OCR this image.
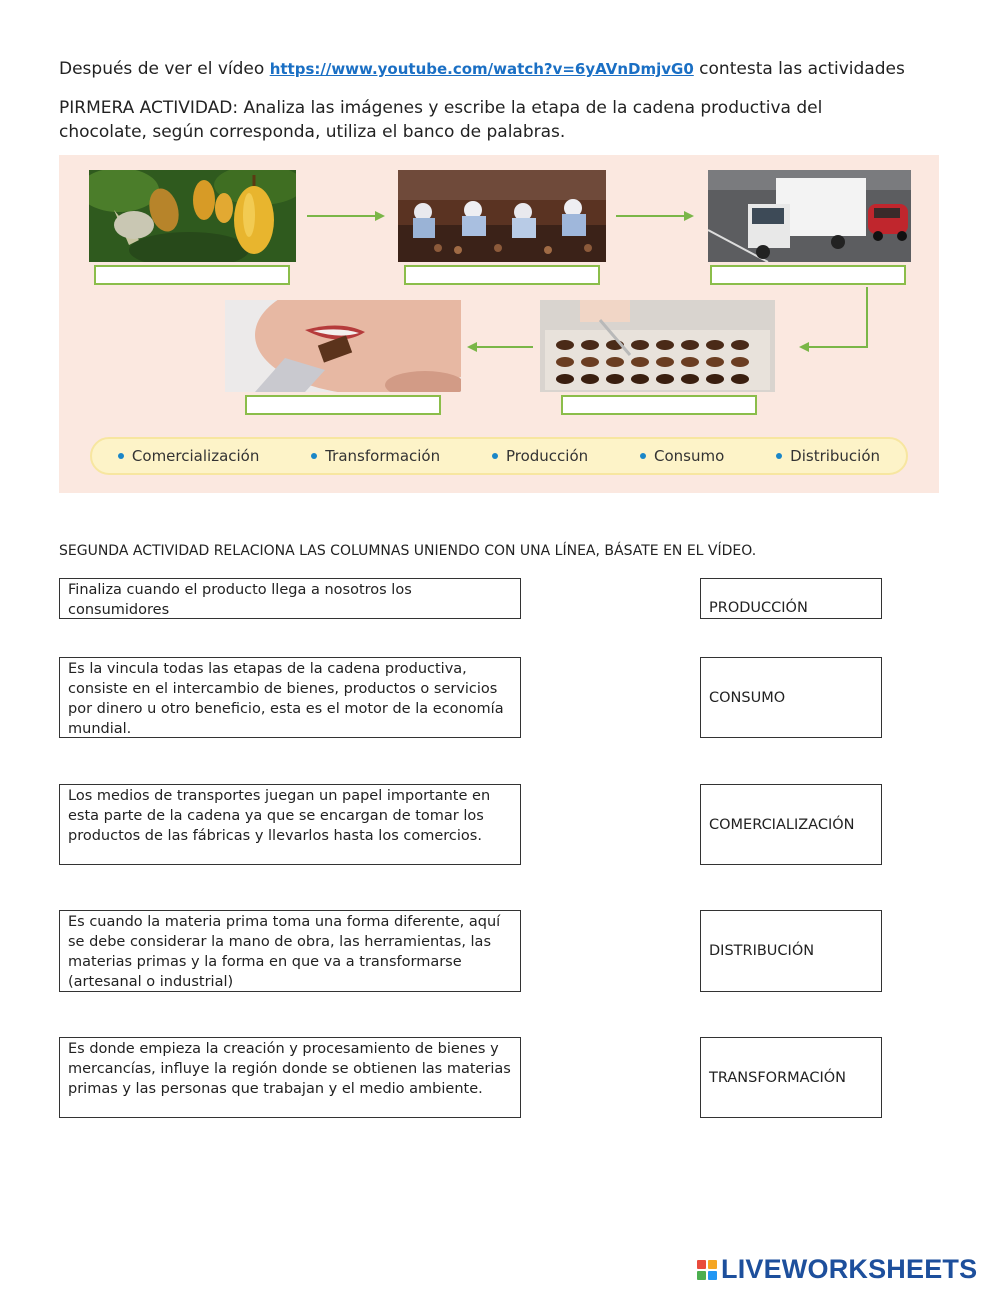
Después de ver el vídeo https://www.youtube.com/watch?v=6yAVnDmjvG0 contesta las actividades
PIRMERA ACTIVIDAD: Analiza las imágenes y escribe la etapa de la cadena productiva del chocolate, según corresponda, utiliza el banco de palabras.
Comercialización	Transformación	Producción	Consumo	Distribución
SEGUNDA ACTIVIDAD RELACIONA LAS COLUMNAS UNIENDO CON UNA LÍNEA, BÁSATE EN EL VÍDEO.
Finaliza cuando el producto llega a nosotros los consumidores
Es la vincula todas las etapas de la cadena productiva, consiste en el intercambio de bienes, productos o servicios por dinero u otro beneficio, esta es el motor de la economía mundial.
Los medios de transportes juegan un papel importante en esta parte de la cadena ya que se encargan de tomar los productos de las fábricas y llevarlos hasta los comercios.
Es cuando la materia prima toma una forma diferente, aquí se debe considerar la mano de obra, las herramientas, las materias primas y la forma en que va a transformarse (artesanal o industrial)
Es donde empieza la creación y procesamiento de bienes y mercancías, influye la región donde se obtienen las materias primas y las personas que trabajan y el medio ambiente.
PRODUCCIÓN
CONSUMO
COMERCIALIZACIÓN
DISTRIBUCIÓN
TRANSFORMACIÓN
LIVEWORKSHEETS
